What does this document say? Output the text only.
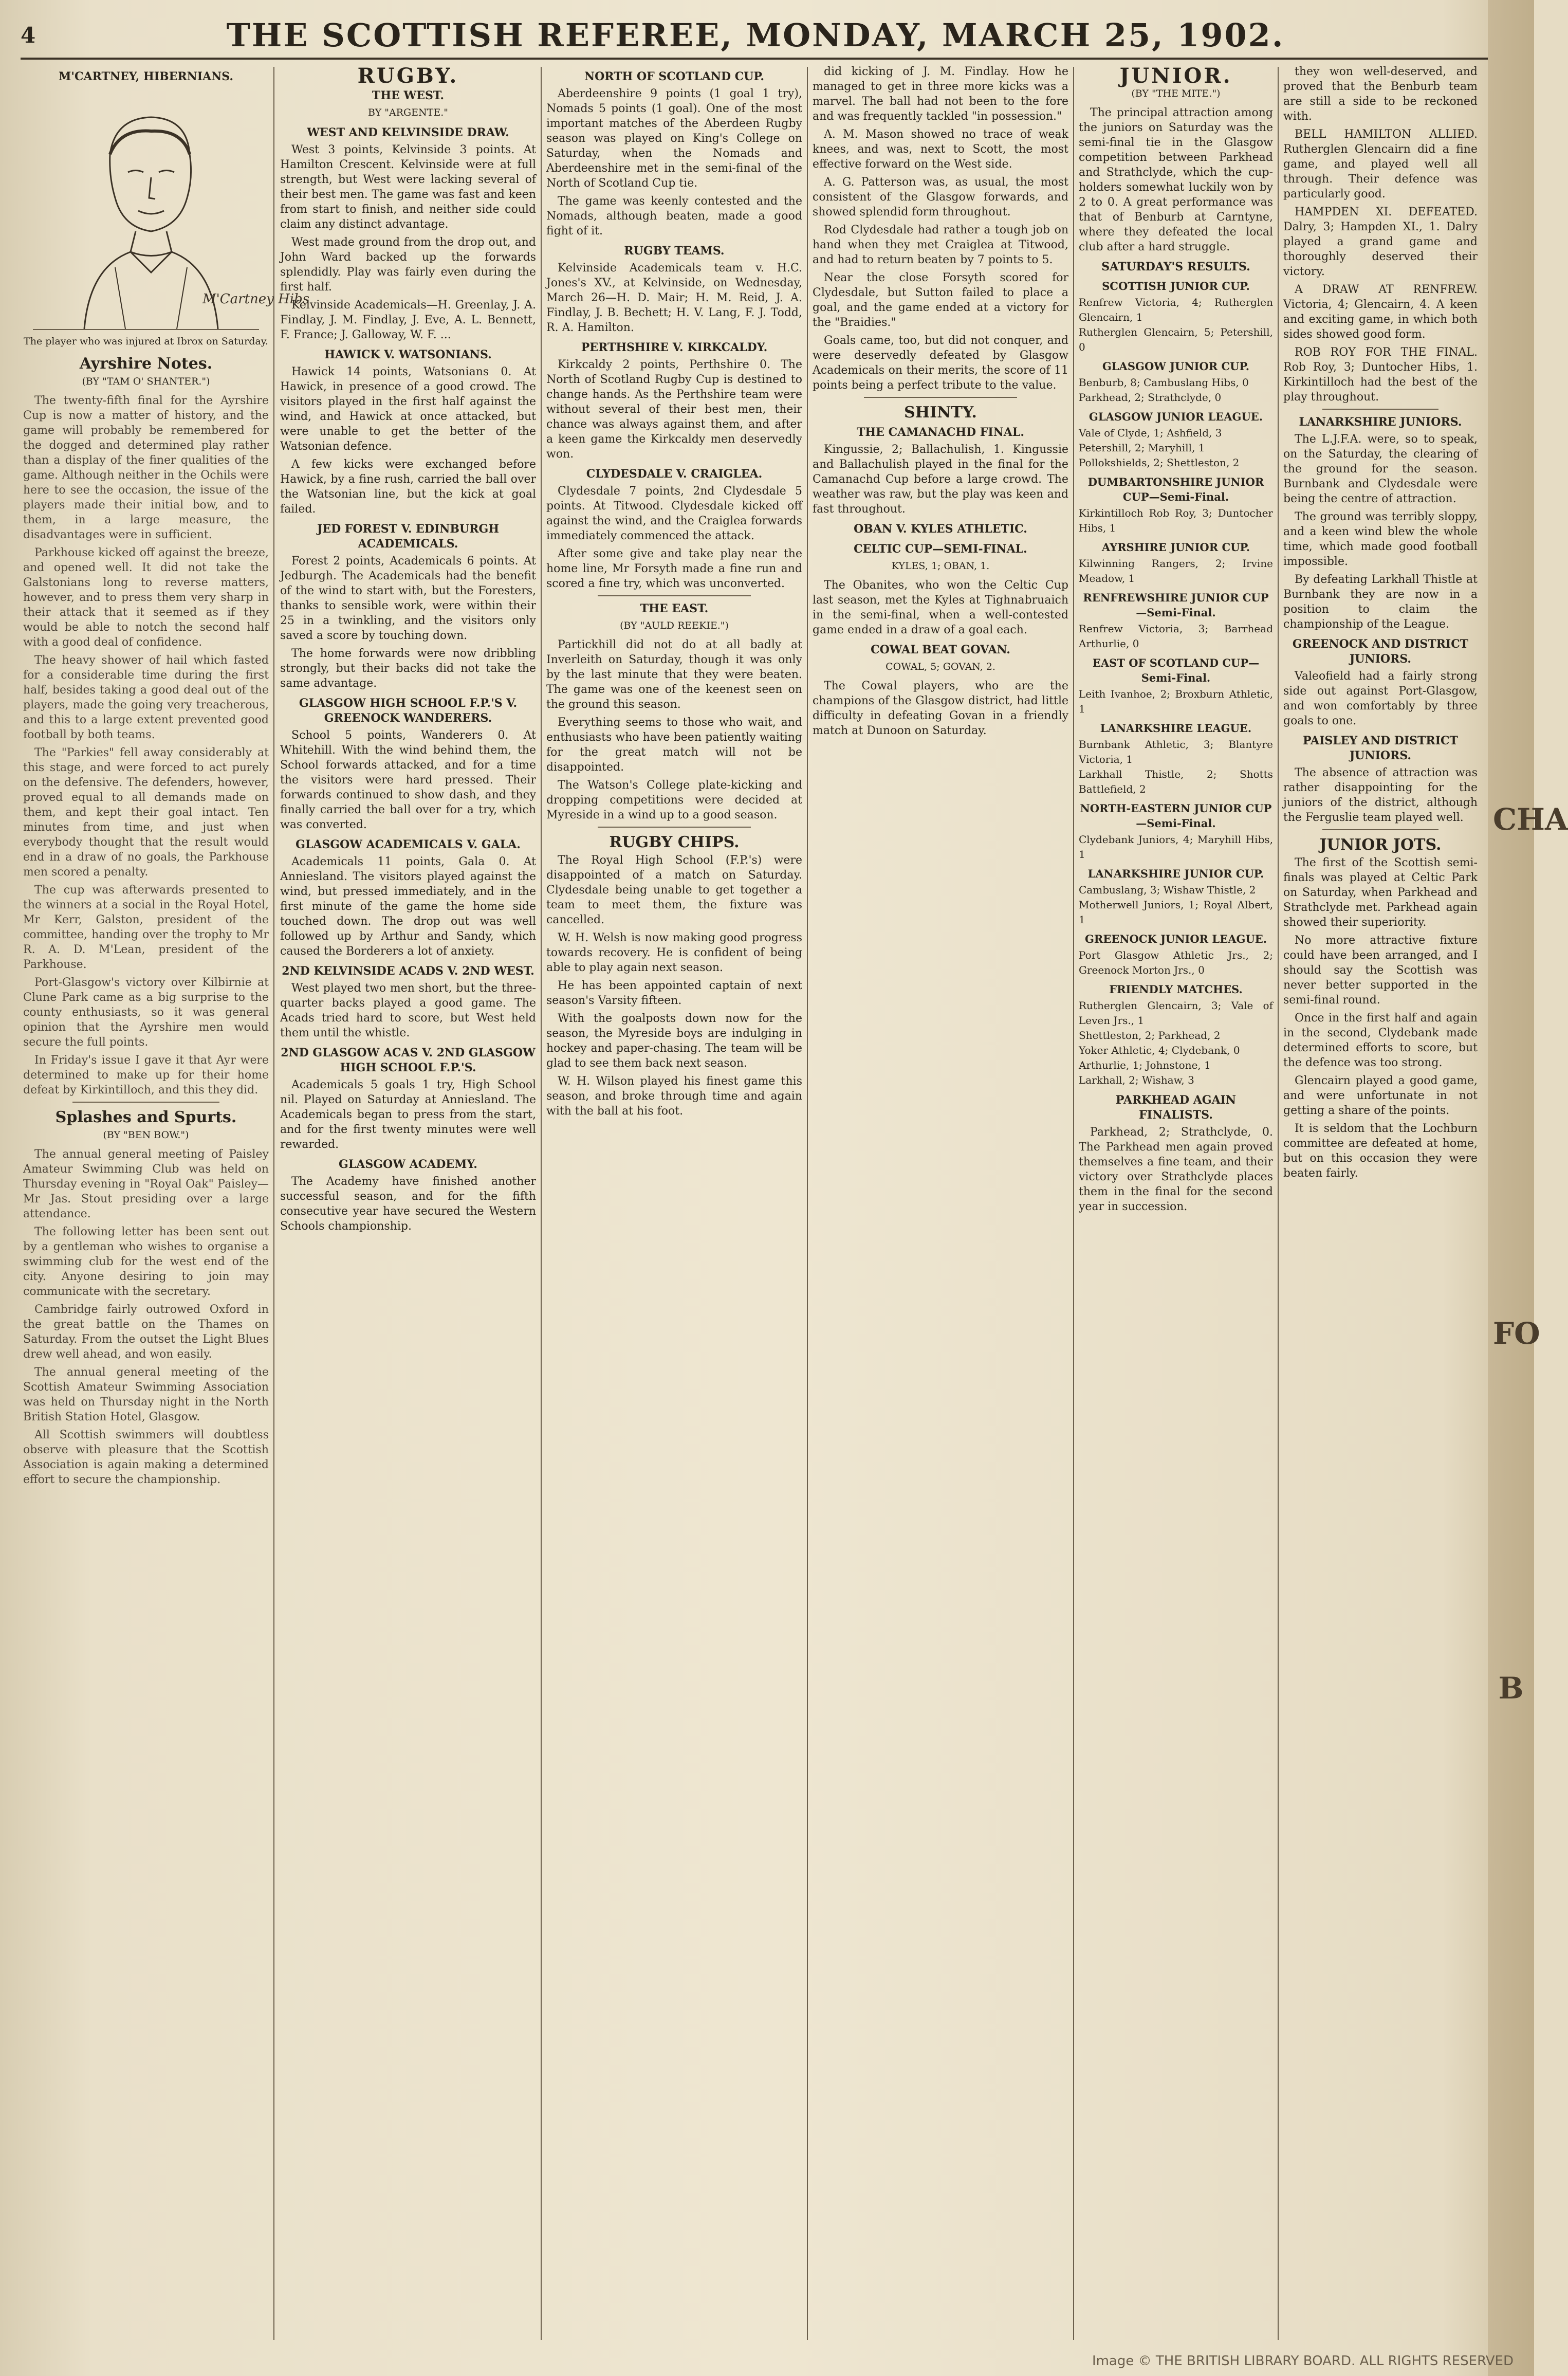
4	THE SCOTTISH REFEREE, MONDAY, MARCH 25, 1902.
M'CARTNEY, HIBERNIANS.
M'Cartney Hibs
The player who was injured at Ibrox on Saturday.
Ayrshire Notes.
(BY "TAM O' SHANTER.")

The twenty-fifth final for the Ayrshire Cup is now a matter of history, and the game will probably be remembered for the dogged and determined play rather than a display of the finer qualities of the game. Although neither in the Ochils were here to see the occasion, the issue of the players made their initial bow, and to them, in a large measure, the disadvantages were in sufficient.

Parkhouse kicked off against the breeze, and opened well. It did not take the Galstonians long to reverse matters, however, and to press them very sharp in their attack that it seemed as if they would be able to notch the second half with a good deal of confidence.

The heavy shower of hail which fasted for a considerable time during the first half, besides taking a good deal out of the players, made the going very treacherous, and this to a large extent prevented good football by both teams.

The "Parkies" fell away considerably at this stage, and were forced to act purely on the defensive. The defenders, however, proved equal to all demands made on them, and kept their goal intact. Ten minutes from time, and just when everybody thought that the result would end in a draw of no goals, the Parkhouse men scored a penalty.

The cup was afterwards presented to the winners at a social in the Royal Hotel, Mr Kerr, Galston, president of the committee, handing over the trophy to Mr R. A. D. M'Lean, president of the Parkhouse.

Port-Glasgow's victory over Kilbirnie at Clune Park came as a big surprise to the county enthusiasts, so it was general opinion that the Ayrshire men would secure the full points.

In Friday's issue I gave it that Ayr were determined to make up for their home defeat by Kirkintilloch, and this they did.

Splashes and Spurts.
(BY "BEN BOW.")

The annual general meeting of Paisley Amateur Swimming Club was held on Thursday evening in "Royal Oak" Paisley—Mr Jas. Stout presiding over a large attendance.

The following letter has been sent out by a gentleman who wishes to organise a swimming club for the west end of the city. Anyone desiring to join may communicate with the secretary.

Cambridge fairly outrowed Oxford in the great battle on the Thames on Saturday. From the outset the Light Blues drew well ahead, and won easily.

The annual general meeting of the Scottish Amateur Swimming Association was held on Thursday night in the North British Station Hotel, Glasgow.

All Scottish swimmers will doubtless observe with pleasure that the Scottish Association is again making a determined effort to secure the championship.

RUGBY.
THE WEST.
BY "ARGENTE."
WEST AND KELVINSIDE DRAW.

West 3 points, Kelvinside 3 points. At Hamilton Crescent. Kelvinside were at full strength, but West were lacking several of their best men. The game was fast and keen from start to finish, and neither side could claim any distinct advantage.

West made ground from the drop out, and John Ward backed up the forwards splendidly. Play was fairly even during the first half.

Kelvinside Academicals—H. Greenlay, J. A. Findlay, J. M. Findlay, J. Eve, A. L. Bennett, F. France; J. Galloway, W. F. ...

HAWICK V. WATSONIANS.

Hawick 14 points, Watsonians 0. At Hawick, in presence of a good crowd. The visitors played in the first half against the wind, and Hawick at once attacked, but were unable to get the better of the Watsonian defence.

A few kicks were exchanged before Hawick, by a fine rush, carried the ball over the Watsonian line, but the kick at goal failed.

JED FOREST V. EDINBURGH ACADEMICALS.

Forest 2 points, Academicals 6 points. At Jedburgh. The Academicals had the benefit of the wind to start with, but the Foresters, thanks to sensible work, were within their 25 in a twinkling, and the visitors only saved a score by touching down.

The home forwards were now dribbling strongly, but their backs did not take the same advantage.

GLASGOW HIGH SCHOOL F.P.'S V. GREENOCK WANDERERS.

School 5 points, Wanderers 0. At Whitehill. With the wind behind them, the School forwards attacked, and for a time the visitors were hard pressed. Their forwards continued to show dash, and they finally carried the ball over for a try, which was converted.

GLASGOW ACADEMICALS V. GALA.

Academicals 11 points, Gala 0. At Anniesland. The visitors played against the wind, but pressed immediately, and in the first minute of the game the home side touched down. The drop out was well followed up by Arthur and Sandy, which caused the Borderers a lot of anxiety.

2ND KELVINSIDE ACADS V. 2ND WEST.

West played two men short, but the three-quarter backs played a good game. The Acads tried hard to score, but West held them until the whistle.

2ND GLASGOW ACAS V. 2ND GLASGOW HIGH SCHOOL F.P.'S.

Academicals 5 goals 1 try, High School nil. Played on Saturday at Anniesland. The Academicals began to press from the start, and for the first twenty minutes were well rewarded.

GLASGOW ACADEMY.

The Academy have finished another successful season, and for the fifth consecutive year have secured the Western Schools championship.

NORTH OF SCOTLAND CUP.

Aberdeenshire 9 points (1 goal 1 try), Nomads 5 points (1 goal). One of the most important matches of the Aberdeen Rugby season was played on King's College on Saturday, when the Nomads and Aberdeenshire met in the semi-final of the North of Scotland Cup tie.

The game was keenly contested and the Nomads, although beaten, made a good fight of it.

RUGBY TEAMS.

Kelvinside Academicals team v. H.C. Jones's XV., at Kelvinside, on Wednesday, March 26—H. D. Mair; H. M. Reid, J. A. Findlay, J. B. Bechett; H. V. Lang, F. J. Todd, R. A. Hamilton.

PERTHSHIRE V. KIRKCALDY.

Kirkcaldy 2 points, Perthshire 0. The North of Scotland Rugby Cup is destined to change hands. As the Perthshire team were without several of their best men, their chance was always against them, and after a keen game the Kirkcaldy men deservedly won.

CLYDESDALE V. CRAIGLEA.

Clydesdale 7 points, 2nd Clydesdale 5 points. At Titwood. Clydesdale kicked off against the wind, and the Craiglea forwards immediately commenced the attack.

After some give and take play near the home line, Mr Forsyth made a fine run and scored a fine try, which was unconverted.

THE EAST.
(BY "AULD REEKIE.")

Partickhill did not do at all badly at Inverleith on Saturday, though it was only by the last minute that they were beaten. The game was one of the keenest seen on the ground this season.

Everything seems to those who wait, and enthusiasts who have been patiently waiting for the great match will not be disappointed.

The Watson's College plate-kicking and dropping competitions were decided at Myreside in a wind up to a good season.

RUGBY CHIPS.

The Royal High School (F.P.'s) were disappointed of a match on Saturday. Clydesdale being unable to get together a team to meet them, the fixture was cancelled.

W. H. Welsh is now making good progress towards recovery. He is confident of being able to play again next season.

He has been appointed captain of next season's Varsity fifteen.

With the goalposts down now for the season, the Myreside boys are indulging in hockey and paper-chasing. The team will be glad to see them back next season.

W. H. Wilson played his finest game this season, and broke through time and again with the ball at his foot.

did kicking of J. M. Findlay. How he managed to get in three more kicks was a marvel. The ball had not been to the fore and was frequently tackled "in possession."

A. M. Mason showed no trace of weak knees, and was, next to Scott, the most effective forward on the West side.

A. G. Patterson was, as usual, the most consistent of the Glasgow forwards, and showed splendid form throughout.

Rod Clydesdale had rather a tough job on hand when they met Craiglea at Titwood, and had to return beaten by 7 points to 5.

Near the close Forsyth scored for Clydesdale, but Sutton failed to place a goal, and the game ended at a victory for the "Braidies."

Goals came, too, but did not conquer, and were deservedly defeated by Glasgow Academicals on their merits, the score of 11 points being a perfect tribute to the value.

SHINTY.
THE CAMANACHD FINAL.

Kingussie, 2; Ballachulish, 1. Kingussie and Ballachulish played in the final for the Camanachd Cup before a large crowd. The weather was raw, but the play was keen and fast throughout.

OBAN V. KYLES ATHLETIC.
CELTIC CUP—SEMI-FINAL.
KYLES, 1; OBAN, 1.

The Obanites, who won the Celtic Cup last season, met the Kyles at Tighnabruaich in the semi-final, when a well-contested game ended in a draw of a goal each.

COWAL BEAT GOVAN.
COWAL, 5; GOVAN, 2.

The Cowal players, who are the champions of the Glasgow district, had little difficulty in defeating Govan in a friendly match at Dunoon on Saturday.

JUNIOR.
(BY "THE MITE.")

The principal attraction among the juniors on Saturday was the semi-final tie in the Glasgow competition between Parkhead and Strathclyde, which the cup-holders somewhat luckily won by 2 to 0. A great performance was that of Benburb at Carntyne, where they defeated the local club after a hard struggle.

SATURDAY'S RESULTS.
SCOTTISH JUNIOR CUP.

Renfrew Victoria, 4; Rutherglen Glencairn, 1

Rutherglen Glencairn, 5; Petershill, 0

GLASGOW JUNIOR CUP.

Benburb, 8; Cambuslang Hibs, 0

Parkhead, 2; Strathclyde, 0

GLASGOW JUNIOR LEAGUE.

Vale of Clyde, 1; Ashfield, 3

Petershill, 2; Maryhill, 1

Pollokshields, 2; Shettleston, 2

DUMBARTONSHIRE JUNIOR CUP—Semi-Final.

Kirkintilloch Rob Roy, 3; Duntocher Hibs, 1

AYRSHIRE JUNIOR CUP.

Kilwinning Rangers, 2; Irvine Meadow, 1

RENFREWSHIRE JUNIOR CUP—Semi-Final.

Renfrew Victoria, 3; Barrhead Arthurlie, 0

EAST OF SCOTLAND CUP—Semi-Final.

Leith Ivanhoe, 2; Broxburn Athletic, 1

LANARKSHIRE LEAGUE.

Burnbank Athletic, 3; Blantyre Victoria, 1

Larkhall Thistle, 2; Shotts Battlefield, 2

NORTH-EASTERN JUNIOR CUP—Semi-Final.

Clydebank Juniors, 4; Maryhill Hibs, 1

LANARKSHIRE JUNIOR CUP.

Cambuslang, 3; Wishaw Thistle, 2

Motherwell Juniors, 1; Royal Albert, 1

GREENOCK JUNIOR LEAGUE.

Port Glasgow Athletic Jrs., 2; Greenock Morton Jrs., 0

FRIENDLY MATCHES.

Rutherglen Glencairn, 3; Vale of Leven Jrs., 1

Shettleston, 2; Parkhead, 2

Yoker Athletic, 4; Clydebank, 0

Arthurlie, 1; Johnstone, 1

Larkhall, 2; Wishaw, 3

PARKHEAD AGAIN FINALISTS.

Parkhead, 2; Strathclyde, 0. The Parkhead men again proved themselves a fine team, and their victory over Strathclyde places them in the final for the second year in succession.

they won well-deserved, and proved that the Benburb team are still a side to be reckoned with.

BELL HAMILTON ALLIED. Rutherglen Glencairn did a fine game, and played well all through. Their defence was particularly good.

HAMPDEN XI. DEFEATED. Dalry, 3; Hampden XI., 1. Dalry played a grand game and thoroughly deserved their victory.

A DRAW AT RENFREW. Victoria, 4; Glencairn, 4. A keen and exciting game, in which both sides showed good form.

ROB ROY FOR THE FINAL. Rob Roy, 3; Duntocher Hibs, 1. Kirkintilloch had the best of the play throughout.

LANARKSHIRE JUNIORS.

The L.J.F.A. were, so to speak, on the Saturday, the clearing of the ground for the season. Burnbank and Clydesdale were being the centre of attraction.

The ground was terribly sloppy, and a keen wind blew the whole time, which made good football impossible.

By defeating Larkhall Thistle at Burnbank they are now in a position to claim the championship of the League.

GREENOCK AND DISTRICT JUNIORS.

Valeofield had a fairly strong side out against Port-Glasgow, and won comfortably by three goals to one.

PAISLEY AND DISTRICT JUNIORS.

The absence of attraction was rather disappointing for the juniors of the district, although the Ferguslie team played well.

JUNIOR JOTS.

The first of the Scottish semi-finals was played at Celtic Park on Saturday, when Parkhead and Strathclyde met. Parkhead again showed their superiority.

No more attractive fixture could have been arranged, and I should say the Scottish was never better supported in the semi-final round.

Once in the first half and again in the second, Clydebank made determined efforts to score, but the defence was too strong.

Glencairn played a good game, and were unfortunate in not getting a share of the points.

It is seldom that the Lochburn committee are defeated at home, but on this occasion they were beaten fairly.

CHA
FO
B
Image © THE BRITISH LIBRARY BOARD. ALL RIGHTS RESERVED
